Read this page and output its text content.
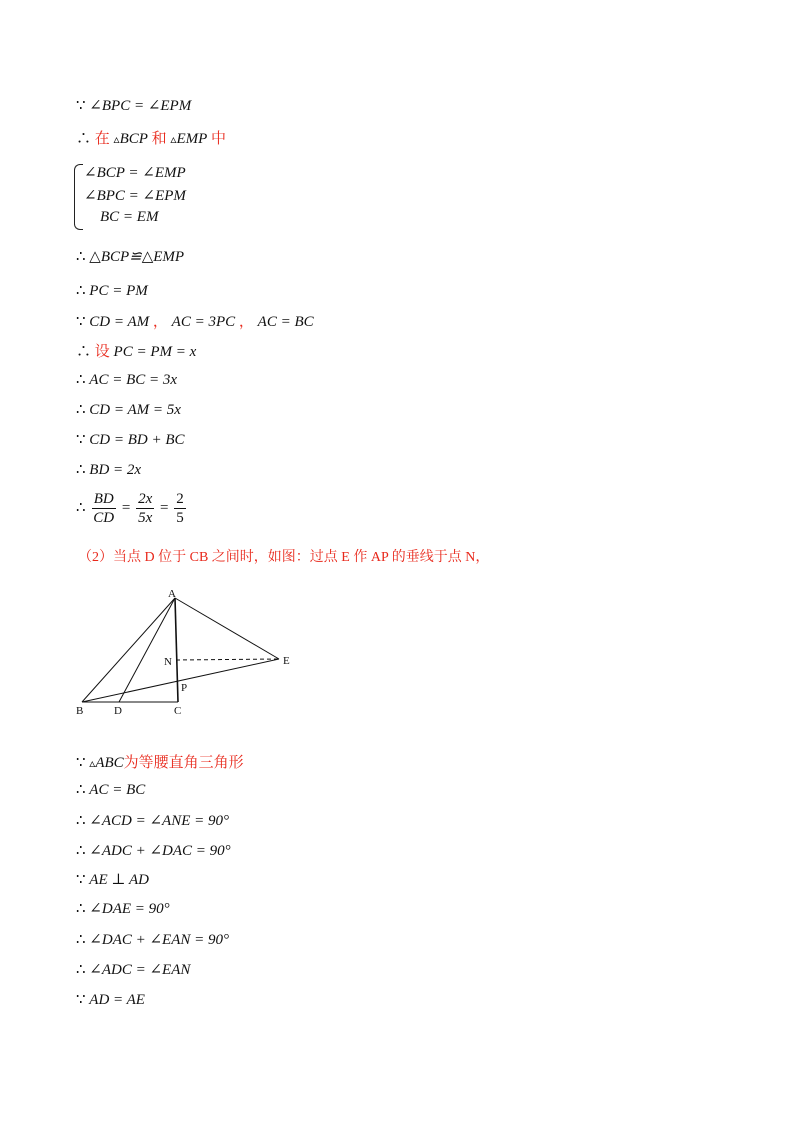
∵ ∠BPC = ∠EPM
∴ 在 ▵BCP 和 ▵EMP 中
∠BCP = ∠EMP
∠BPC = ∠EPM
BC = EM
∴ △BCP≌△EMP
∴ PC = PM
∵ CD = AM ， AC = 3PC ， AC = BC
∴ 设 PC = PM = x
∴ AC = BC = 3x
∴ CD = AM = 5x
∵ CD = BD + BC
∴ BD = 2x
∴ $\frac{BD}{CD} = \frac{2x}{5x} = \frac{2}{5}$
（2）当点 D 位于 CB 之间时，如图：过点 E 作 AP 的垂线于点 N，
A
B	D	C
E
N
P
∵ ▵ABC为等腰直角三角形
∴ AC = BC
∴ ∠ACD = ∠ANE = 90°
∴ ∠ADC + ∠DAC = 90°
∵ AE ⊥ AD
∴ ∠DAE = 90°
∴ ∠DAC + ∠EAN = 90°
∴ ∠ADC = ∠EAN
∵ AD = AE
